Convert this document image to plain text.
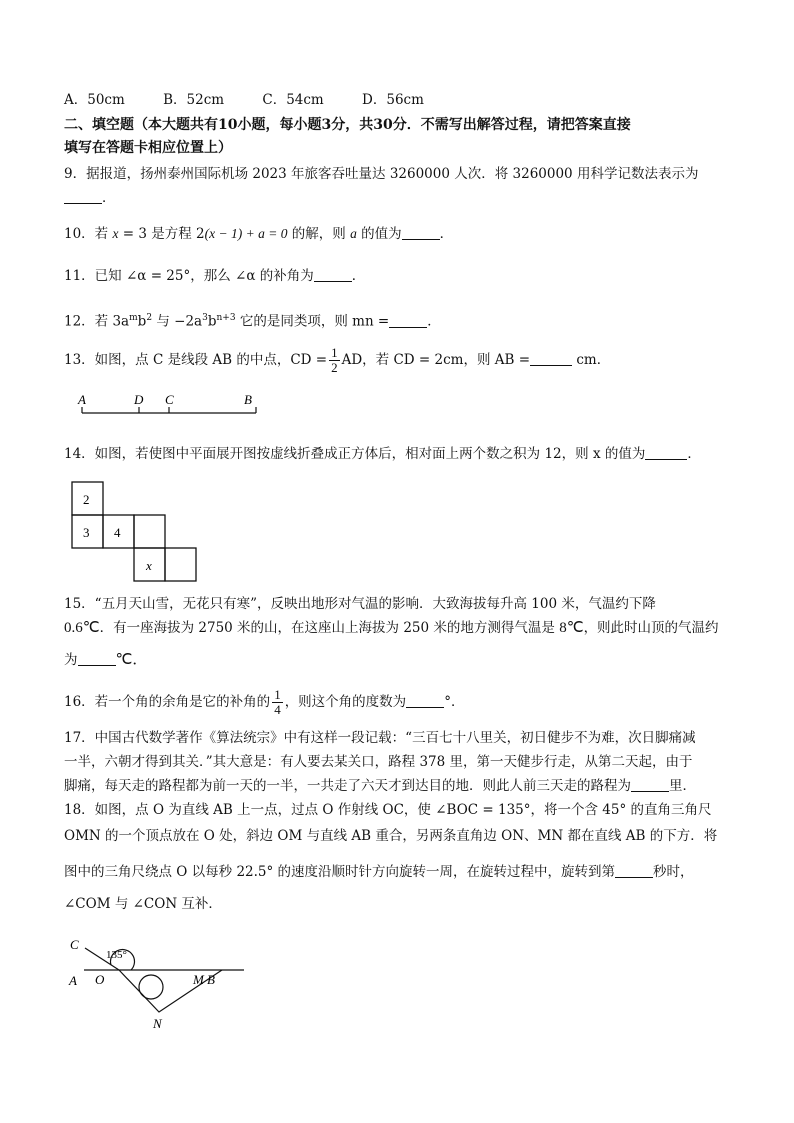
A．50cm	B．52cm	C．54cm	D．56cm
二、填空题（本大题共有10小题，每小题3分，共30分．不需写出解答过程，请把答案直接
填写在答题卡相应位置上）
9．据报道，扬州泰州国际机场 2023 年旅客吞吐量达 3260000 人次．将 3260000 用科学记数法表示为
．
10．若 x = 3 是方程 2(x − 1) + a = 0 的解，则 a 的值为	．
11．已知 ∠α = 25°，那么 ∠α 的补角为	．
12．若 $3a^mb^2$ 与 $-2a^3b^{n+3}$ 它的是同类项，则 mn =	．
13．如图，点 C 是线段 AB 的中点，CD = $\frac{1}{2}$ AD，若 CD = 2cm，则 AB =	cm．
A	D C	B
14．如图，若使图中平面展开图按虚线折叠成正方体后，相对面上两个数之积为 12，则 x 的值为	．
2
3 4
x
15．“五月天山雪，无花只有寒”，反映出地形对气温的影响．大致海拔每升高 100 米，气温约下降
0.6℃．有一座海拔为 2750 米的山，在这座山上海拔为 250 米的地方测得气温是 8℃，则此时山顶的气温约
为	℃．
16．若一个角的余角是它的补角的 $\frac{1}{4}$ ，则这个角的度数为	°．
17．中国古代数学著作《算法统宗》中有这样一段记载：“三百七十八里关，初日健步不为难，次日脚痛减
一半，六朝才得到其关．”其大意是：有人要去某关口，路程 378 里，第一天健步行走，从第二天起，由于
脚痛，每天走的路程都为前一天的一半，一共走了六天才到达目的地．则此人前三天走的路程为	里．
18．如图，点 O 为直线 AB 上一点，过点 O 作射线 OC，使 ∠BOC = 135°，将一个含 45° 的直角三角尺
OMN 的一个顶点放在 O 处，斜边 OM 与直线 AB 重合，另两条直角边 ON、MN 都在直线 AB 的下方．将
图中的三角尺绕点 O 以每秒 22.5° 的速度沿顺时针方向旋转一周，在旋转过程中，旋转到第	秒时，
∠COM 与 ∠CON 互补．
C
135°
A O	M B
N
